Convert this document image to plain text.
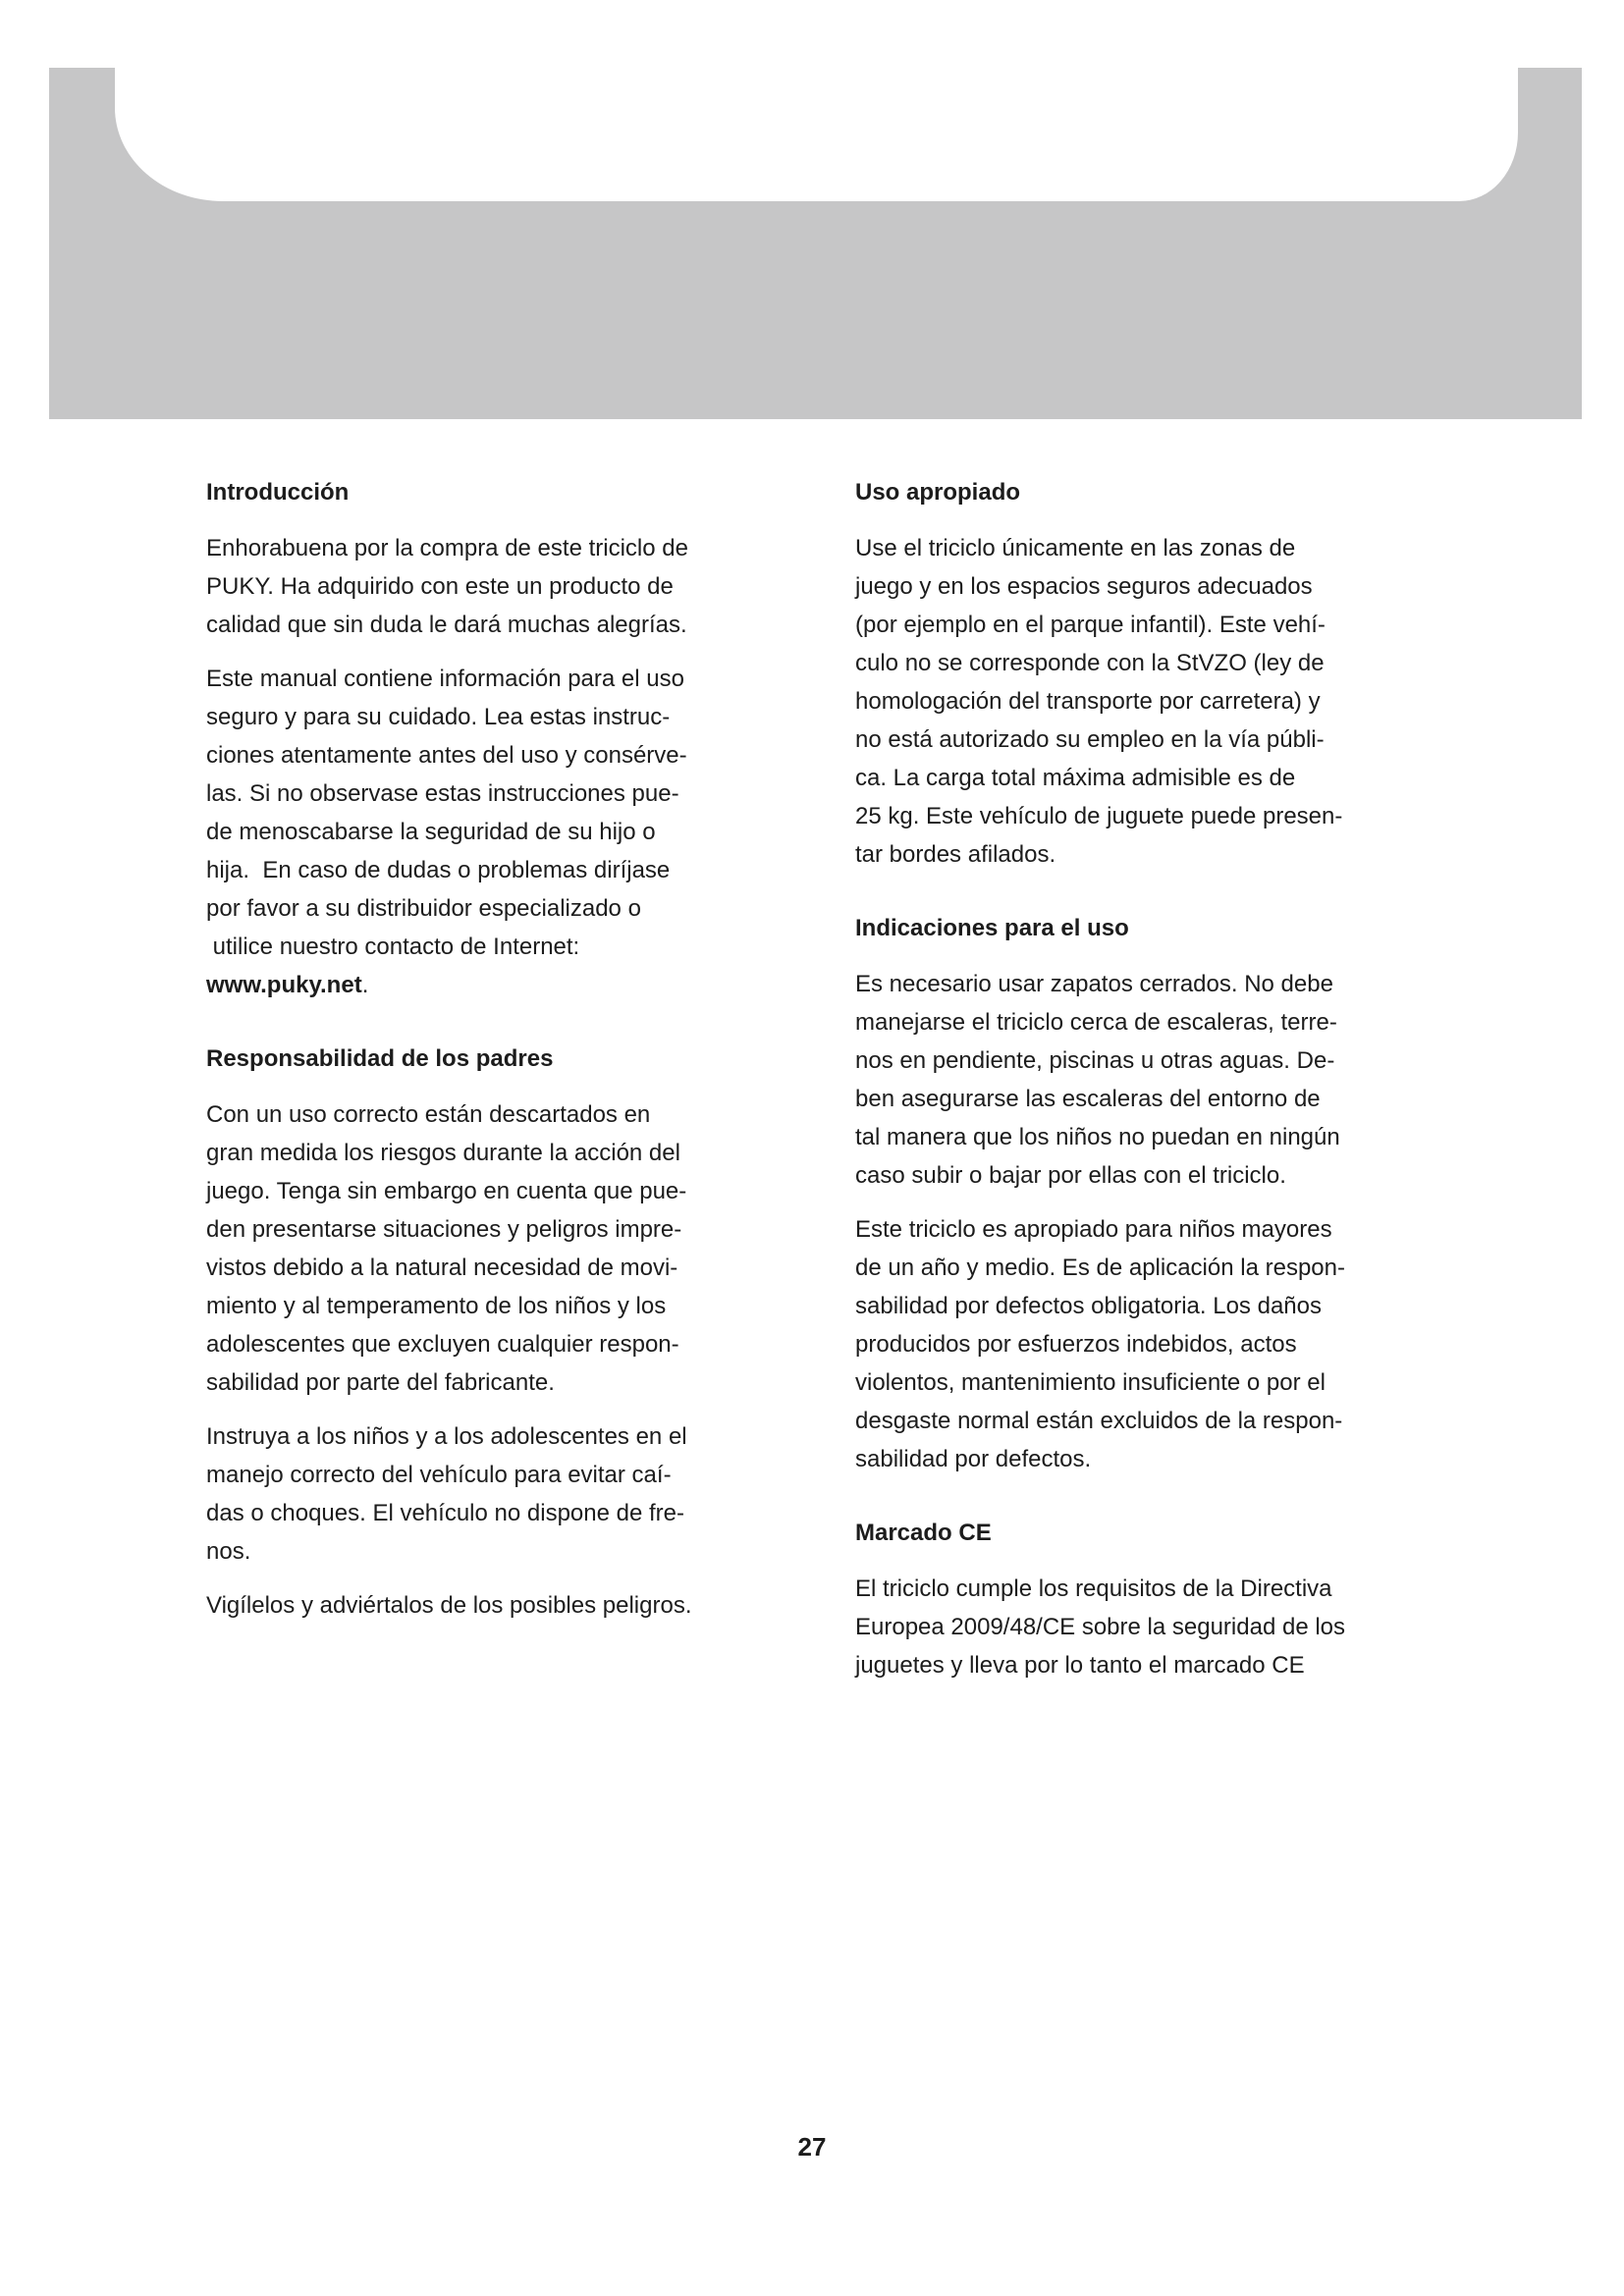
Introducción
Enhorabuena por la compra de este triciclo de
PUKY. Ha adquirido con este un producto de
calidad que sin duda le dará muchas alegrías.
Este manual contiene información para el uso
seguro y para su cuidado. Lea estas instruc-
ciones atentamente antes del uso y consérve-
las. Si no observase estas instrucciones pue-
de menoscabarse la seguridad de su hijo o
hija.  En caso de dudas o problemas diríjase
por favor a su distribuidor especializado o
utilice nuestro contacto de Internet:
www.puky.net.
Responsabilidad de los padres
Con un uso correcto están descartados en
gran medida los riesgos durante la acción del
juego. Tenga sin embargo en cuenta que pue-
den presentarse situaciones y peligros impre-
vistos debido a la natural necesidad de movi-
miento y al temperamento de los niños y los
adolescentes que excluyen cualquier respon-
sabilidad por parte del fabricante.
Instruya a los niños y a los adolescentes en el
manejo correcto del vehículo para evitar caí-
das o choques. El vehículo no dispone de fre-
nos.
Vigílelos y adviértalos de los posibles peligros.
Uso apropiado
Use el triciclo únicamente en las zonas de
juego y en los espacios seguros adecuados
(por ejemplo en el parque infantil). Este vehí-
culo no se corresponde con la StVZO (ley de
homologación del transporte por carretera) y
no está autorizado su empleo en la vía públi-
ca. La carga total máxima admisible es de
25 kg. Este vehículo de juguete puede presen-
tar bordes afilados.
Indicaciones para el uso
Es necesario usar zapatos cerrados. No debe
manejarse el triciclo cerca de escaleras, terre-
nos en pendiente, piscinas u otras aguas. De-
ben asegurarse las escaleras del entorno de
tal manera que los niños no puedan en ningún
caso subir o bajar por ellas con el triciclo.
Este triciclo es apropiado para niños mayores
de un año y medio. Es de aplicación la respon-
sabilidad por defectos obligatoria. Los daños
producidos por esfuerzos indebidos, actos
violentos, mantenimiento insuficiente o por el
desgaste normal están excluidos de la respon-
sabilidad por defectos.
Marcado CE
El triciclo cumple los requisitos de la Directiva
Europea 2009/48/CE sobre la seguridad de los
juguetes y lleva por lo tanto el marcado CE
27
